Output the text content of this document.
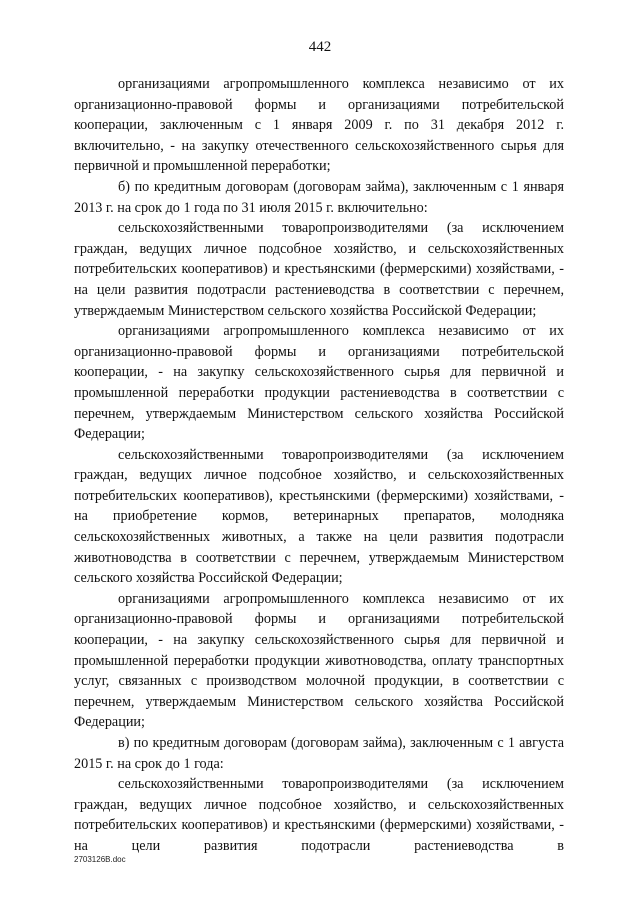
442

организациями агропромышленного комплекса независимо от их организационно-правовой формы и организациями потребительской кооперации, заключенным с 1 января 2009 г. по 31 декабря 2012 г. включительно, - на закупку отечественного сельскохозяйственного сырья для первичной и промышленной переработки;

б) по кредитным договорам (договорам займа), заключенным с 1 января 2013 г. на срок до 1 года по 31 июля 2015 г. включительно:

сельскохозяйственными товаропроизводителями (за исключением граждан, ведущих личное подсобное хозяйство, и сельскохозяйственных потребительских кооперативов) и крестьянскими (фермерскими) хозяйствами, - на цели развития подотрасли растениеводства в соответствии с перечнем, утверждаемым Министерством сельского хозяйства Российской Федерации;

организациями агропромышленного комплекса независимо от их организационно-правовой формы и организациями потребительской кооперации, - на закупку сельскохозяйственного сырья для первичной и промышленной переработки продукции растениеводства в соответствии с перечнем, утверждаемым Министерством сельского хозяйства Российской Федерации;

сельскохозяйственными товаропроизводителями (за исключением граждан, ведущих личное подсобное хозяйство, и сельскохозяйственных потребительских кооперативов), крестьянскими (фермерскими) хозяйствами, - на приобретение кормов, ветеринарных препаратов, молодняка сельскохозяйственных животных, а также на цели развития подотрасли животноводства в соответствии с перечнем, утверждаемым Министерством сельского хозяйства Российской Федерации;

организациями агропромышленного комплекса независимо от их организационно-правовой формы и организациями потребительской кооперации, - на закупку сельскохозяйственного сырья для первичной и промышленной переработки продукции животноводства, оплату транспортных услуг, связанных с производством молочной продукции, в соответствии с перечнем, утверждаемым Министерством сельского хозяйства Российской Федерации;

в) по кредитным договорам (договорам займа), заключенным с 1 августа 2015 г. на срок до 1 года:

сельскохозяйственными товаропроизводителями (за исключением граждан, ведущих личное подсобное хозяйство, и сельскохозяйственных потребительских кооперативов) и крестьянскими (фермерскими) хозяйствами, - на цели развития подотрасли растениеводства в

2703126B.doc
